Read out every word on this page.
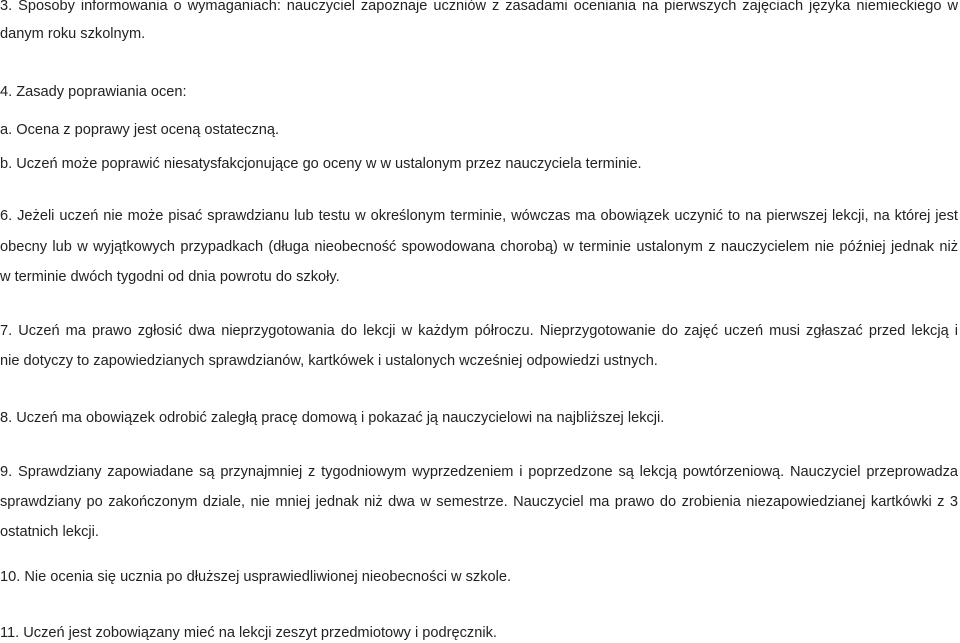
3. Sposoby informowania o wymaganiach: nauczyciel zapoznaje uczniów z zasadami oceniania na pierwszych zajęciach języka niemieckiego w
danym roku szkolnym.
4. Zasady poprawiania ocen:
a. Ocena z poprawy jest oceną ostateczną.
b. Uczeń może poprawić niesatysfakcjonujące go oceny w w ustalonym przez nauczyciela terminie.
6. Jeżeli uczeń nie może pisać sprawdzianu lub testu w określonym terminie, wówczas ma obowiązek uczynić to na pierwszej lekcji, na której jest
obecny lub w wyjątkowych przypadkach (długa nieobecność spowodowana chorobą) w terminie ustalonym z nauczycielem nie później jednak niż
w terminie dwóch tygodni od dnia powrotu do szkoły.
7. Uczeń ma prawo zgłosić dwa nieprzygotowania do lekcji w każdym półroczu. Nieprzygotowanie do zajęć uczeń musi zgłaszać przed lekcją i
nie dotyczy to zapowiedzianych sprawdzianów, kartkówek i ustalonych wcześniej odpowiedzi ustnych.
8. Uczeń ma obowiązek odrobić zaległą pracę domową i pokazać ją nauczycielowi na najbliższej lekcji.
9. Sprawdziany zapowiadane są przynajmniej z tygodniowym wyprzedzeniem i poprzedzone są lekcją powtórzeniową. Nauczyciel przeprowadza
sprawdziany po zakończonym dziale, nie mniej jednak niż dwa w semestrze. Nauczyciel ma prawo do zrobienia niezapowiedzianej kartkówki z 3
ostatnich lekcji.
10. Nie ocenia się ucznia po dłuższej usprawiedliwionej nieobecności w szkole.
11. Uczeń jest zobowiązany mieć na lekcji zeszyt przedmiotowy i podręcznik.
